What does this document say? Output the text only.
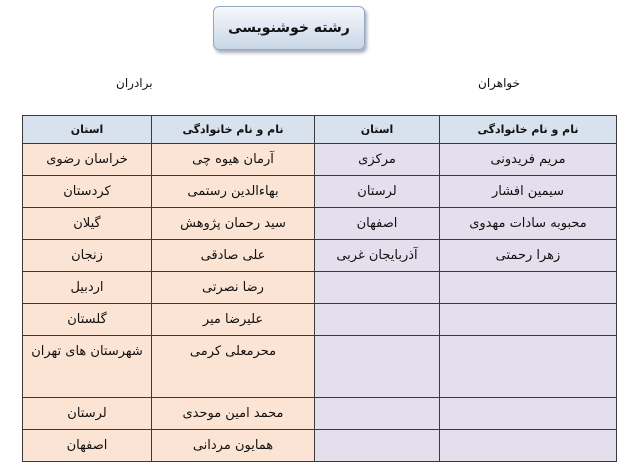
رشته خوشنویسی
برادران	خواهران
استان	نام و نام خانوادگی	استان	نام و نام خانوادگی

خراسان رضوی	آرمان هیوه چی	مرکزی	مریم فریدونی

کردستان	بهاءالدین رستمی	لرستان	سیمین افشار

گیلان	سید رحمان پژوهش	اصفهان	محبوبه سادات مهدوی

زنجان	علی صادقی	آذربایجان غربی	زهرا رحمتی

اردبیل	رضا نصرتی		

گلستان	علیرضا میر		

شهرستان های تهران	محرمعلی کرمی		

لرستان	محمد امین موحدی		

اصفهان	همایون مردانی		
